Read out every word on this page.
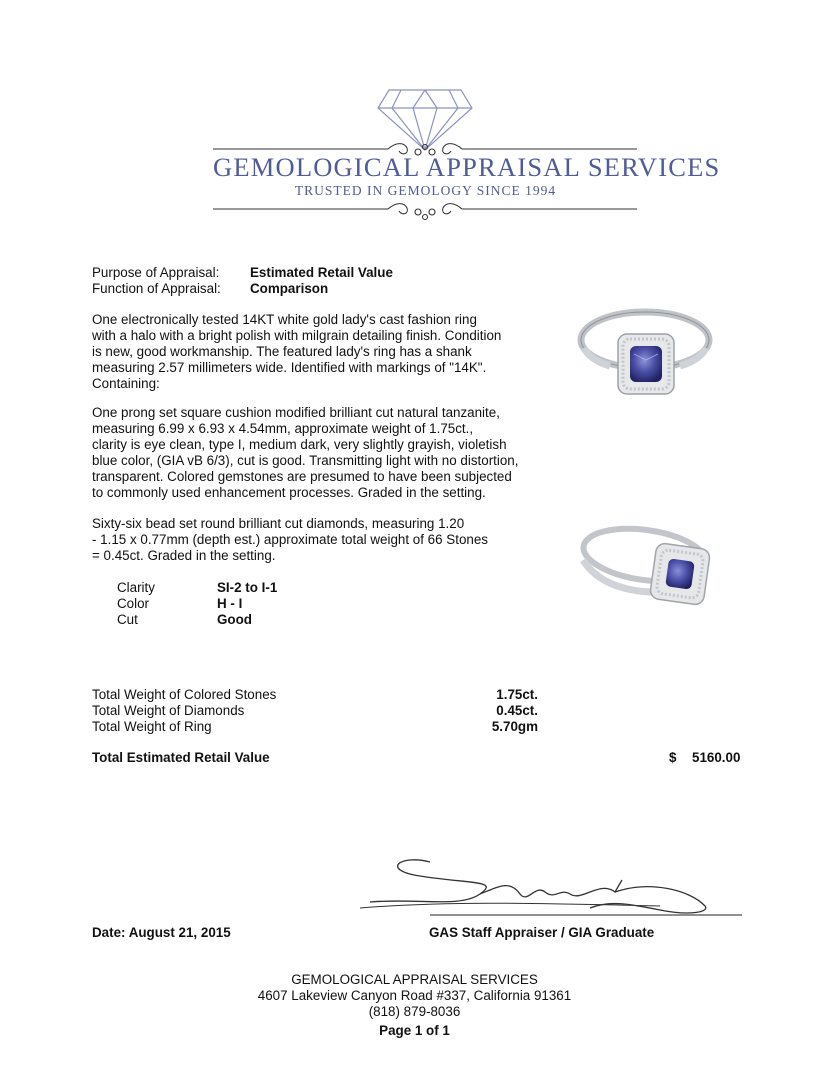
GEMOLOGICAL APPRAISAL SERVICES
TRUSTED IN GEMOLOGY SINCE 1994
Purpose of Appraisal: Estimated Retail Value
Function of Appraisal: Comparison
One electronically tested 14KT white gold lady's cast fashion ring
with a halo with a bright polish with milgrain detailing finish. Condition
is new, good workmanship. The featured lady's ring has a shank
measuring 2.57 millimeters wide. Identified with markings of "14K".
Containing:
One prong set square cushion modified brilliant cut natural tanzanite,
measuring 6.99 x 6.93 x 4.54mm, approximate weight of 1.75ct.,
clarity is eye clean, type I, medium dark, very slightly grayish, violetish
blue color, (GIA vB 6/3), cut is good. Transmitting light with no distortion,
transparent. Colored gemstones are presumed to have been subjected
to commonly used enhancement processes. Graded in the setting.
Sixty-six bead set round brilliant cut diamonds, measuring 1.20
- 1.15 x 0.77mm (depth est.) approximate total weight of 66 Stones
= 0.45ct. Graded in the setting.
Clarity	SI-2 to I-1
Color	H - I
Cut	Good
Total Weight of Colored Stones	1.75ct.
Total Weight of Diamonds	0.45ct.
Total Weight of Ring	5.70gm
Total Estimated Retail Value	$ 5160.00
Date: August 21, 2015	GAS Staff Appraiser / GIA Graduate
GEMOLOGICAL APPRAISAL SERVICES
4607 Lakeview Canyon Road #337, California 91361
(818) 879-8036
Page 1 of 1
